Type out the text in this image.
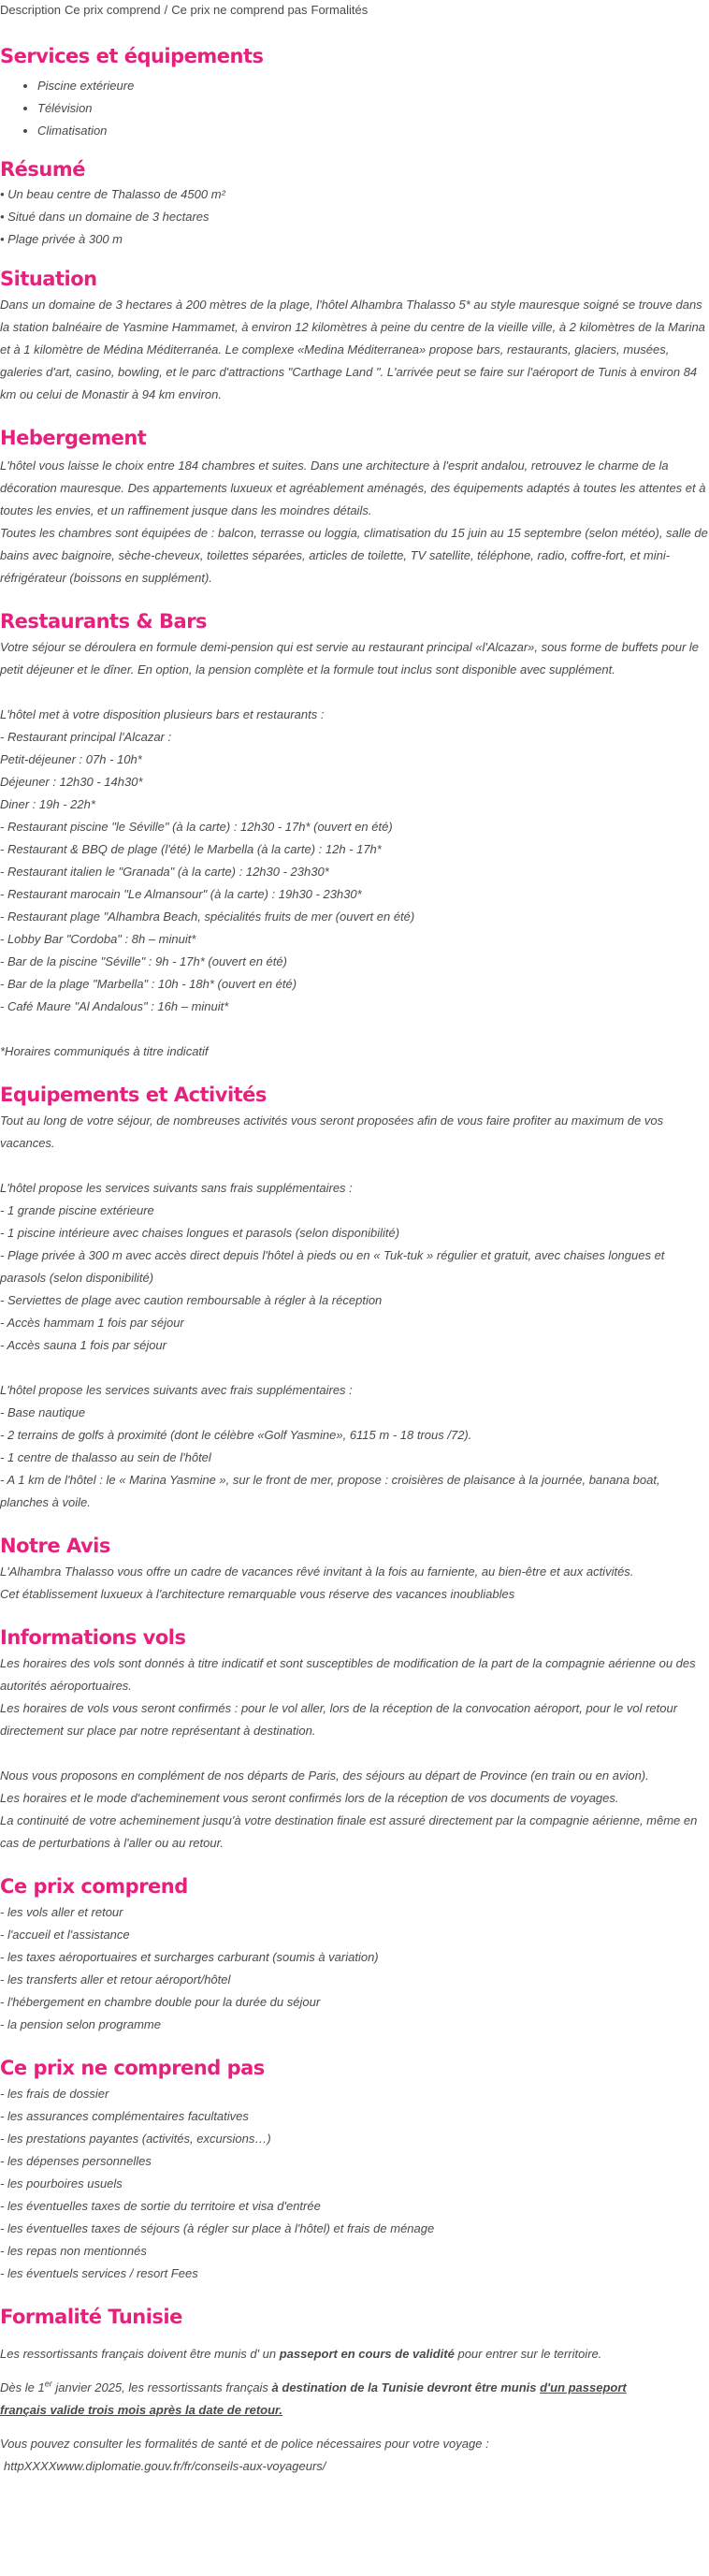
Description Ce prix comprend / Ce prix ne comprend pas Formalités
Services et équipements
• Piscine extérieure
• Télévision
• Climatisation
Résumé
• Un beau centre de Thalasso de 4500 m²
• Situé dans un domaine de 3 hectares
• Plage privée à 300 m
Situation

Dans un domaine de 3 hectares à 200 mètres de la plage, l'hôtel Alhambra Thalasso 5* au style mauresque soigné se trouve dans la station balnéaire de Yasmine Hammamet, à environ 12 kilomètres à peine du centre de la vieille ville, à 2 kilomètres de la Marina et à 1 kilomètre de Médina Méditerranéa. Le complexe «Medina Méditerranea» propose bars, restaurants, glaciers, musées, galeries d'art, casino, bowling, et le parc d'attractions "Carthage Land ". L'arrivée peut se faire sur l'aéroport de Tunis à environ 84 km ou celui de Monastir à 94 km environ.

Hebergement

L'hôtel vous laisse le choix entre 184 chambres et suites. Dans une architecture à l'esprit andalou, retrouvez le charme de la décoration mauresque. Des appartements luxueux et agréablement aménagés, des équipements adaptés à toutes les attentes et à toutes les envies, et un raffinement jusque dans les moindres détails.

Toutes les chambres sont équipées de : balcon, terrasse ou loggia, climatisation du 15 juin au 15 septembre (selon météo), salle de bains avec baignoire, sèche-cheveux, toilettes séparées, articles de toilette, TV satellite, téléphone, radio, coffre-fort, et mini-réfrigérateur (boissons en supplément).

Restaurants & Bars

Votre séjour se déroulera en formule demi-pension qui est servie au restaurant principal «l'Alcazar», sous forme de buffets pour le petit déjeuner et le dîner. En option, la pension complète et la formule tout inclus sont disponible avec supplément.

L'hôtel met à votre disposition plusieurs bars et restaurants :

- Restaurant principal l'Alcazar :
Petit-déjeuner : 07h - 10h*
Déjeuner : 12h30 - 14h30*
Diner : 19h - 22h*
- Restaurant piscine "le Séville" (à la carte) : 12h30 - 17h* (ouvert en été)
- Restaurant & BBQ de plage (l'été) le Marbella (à la carte) : 12h - 17h*
- Restaurant italien le "Granada" (à la carte) : 12h30 - 23h30*
- Restaurant marocain "Le Almansour" (à la carte) : 19h30 - 23h30*
- Restaurant plage "Alhambra Beach, spécialités fruits de mer (ouvert en été)
- Lobby Bar "Cordoba" : 8h – minuit*
- Bar de la piscine "Séville" : 9h - 17h* (ouvert en été)
- Bar de la plage "Marbella" : 10h - 18h* (ouvert en été)
- Café Maure "Al Andalous" : 16h – minuit*

*Horaires communiqués à titre indicatif

Equipements et Activités

Tout au long de votre séjour, de nombreuses activités vous seront proposées afin de vous faire profiter au maximum de vos vacances.

L'hôtel propose les services suivants sans frais supplémentaires :

- 1 grande piscine extérieure
- 1 piscine intérieure avec chaises longues et parasols (selon disponibilité)
- Plage privée à 300 m avec accès direct depuis l'hôtel à pieds ou en « Tuk-tuk » régulier et gratuit, avec chaises longues et parasols (selon disponibilité)
- Serviettes de plage avec caution remboursable à régler à la réception
- Accès hammam 1 fois par séjour
- Accès sauna 1 fois par séjour

L'hôtel propose les services suivants avec frais supplémentaires :

- Base nautique
- 2 terrains de golfs à proximité (dont le célèbre «Golf Yasmine», 6115 m - 18 trous /72).
- 1 centre de thalasso au sein de l'hôtel
- A 1 km de l'hôtel : le « Marina Yasmine », sur le front de mer, propose : croisières de plaisance à la journée, banana boat, planches à voile.
Notre Avis
L'Alhambra Thalasso vous offre un cadre de vacances rêvé invitant à la fois au farniente, au bien-être et aux activités.
Cet établissement luxueux à l'architecture remarquable vous réserve des vacances inoubliables
Informations vols

Les horaires des vols sont donnés à titre indicatif et sont susceptibles de modification de la part de la compagnie aérienne ou des autorités aéroportuaires.

Les horaires de vols vous seront confirmés : pour le vol aller, lors de la réception de la convocation aéroport, pour le vol retour directement sur place par notre représentant à destination.

Nous vous proposons en complément de nos départs de Paris, des séjours au départ de Province (en train ou en avion).

Les horaires et le mode d'acheminement vous seront confirmés lors de la réception de vos documents de voyages.

La continuité de votre acheminement jusqu'à votre destination finale est assuré directement par la compagnie aérienne, même en cas de perturbations à l'aller ou au retour.

Ce prix comprend
- les vols aller et retour
- l'accueil et l'assistance
- les taxes aéroportuaires et surcharges carburant (soumis à variation)
- les transferts aller et retour aéroport/hôtel
- l'hébergement en chambre double pour la durée du séjour
- la pension selon programme
Ce prix ne comprend pas
- les frais de dossier
- les assurances complémentaires facultatives
- les prestations payantes (activités, excursions…)
- les dépenses personnelles
- les pourboires usuels
- les éventuelles taxes de sortie du territoire et visa d'entrée
- les éventuelles taxes de séjours (à régler sur place à l'hôtel) et frais de ménage
- les repas non mentionnés
- les éventuels services / resort Fees
Formalité Tunisie

Les ressortissants français doivent être munis d' un passeport en cours de validité pour entrer sur le territoire.

Dès le 1er janvier 2025, les ressortissants français à destination de la Tunisie devront être munis d'un passeport
français valide trois mois après la date de retour.

Vous pouvez consulter les formalités de santé et de police nécessaires pour votre voyage :

httpXXXXwww.diplomatie.gouv.fr/fr/conseils-aux-voyageurs/
